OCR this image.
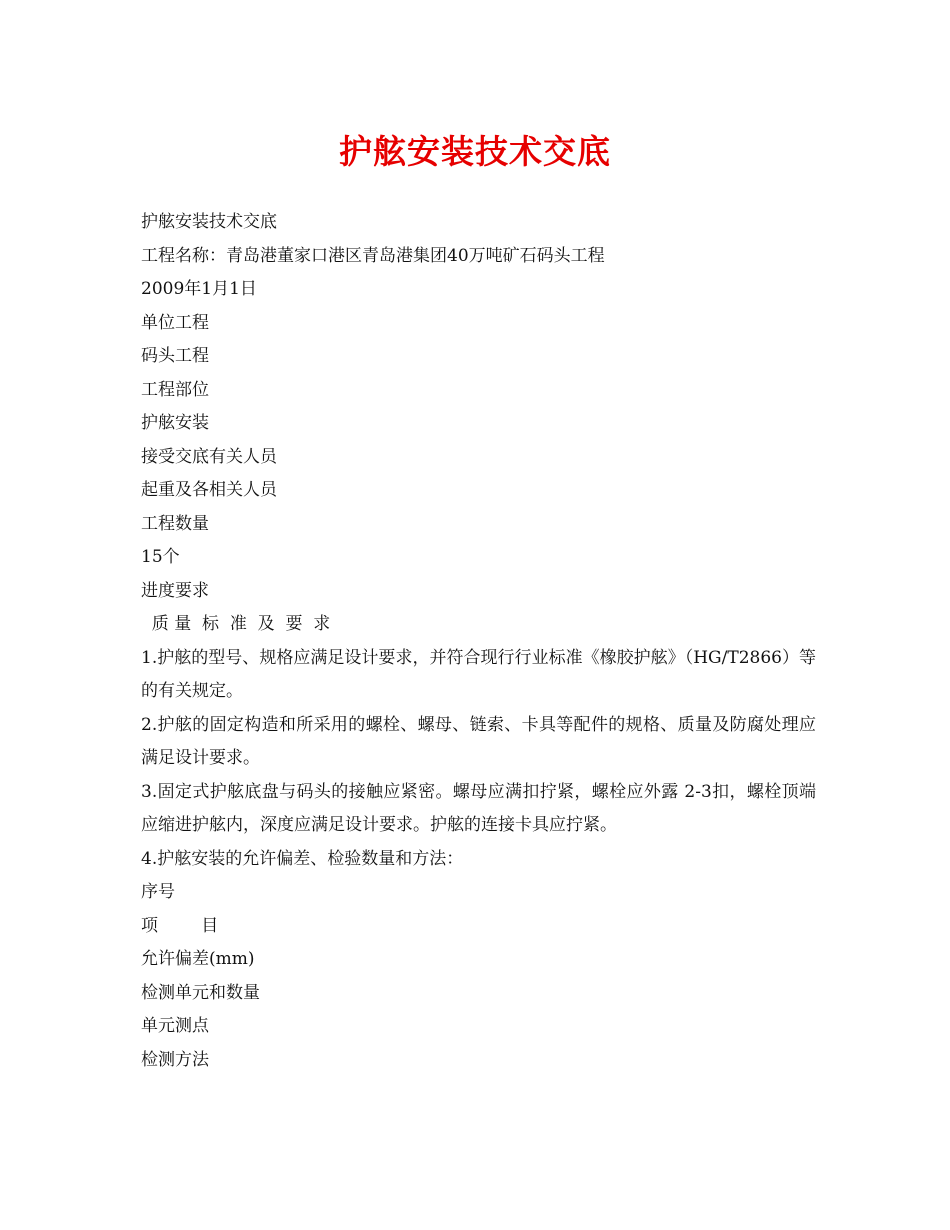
护舷安装技术交底
护舷安装技术交底
工程名称：青岛港董家口港区青岛港集团40万吨矿石码头工程
2009年1月1日
单位工程
码头工程
工程部位
护舷安装
接受交底有关人员
起重及各相关人员
工程数量
15个
进度要求
质 量  标  准  及  要  求
1.护舷的型号、规格应满足设计要求，并符合现行行业标准《橡胶护舷》（HG/T2866）等的有关规定。
2.护舷的固定构造和所采用的螺栓、螺母、链索、卡具等配件的规格、质量及防腐处理应满足设计要求。
3.固定式护舷底盘与码头的接触应紧密。螺母应满扣拧紧，螺栓应外露 2-3扣，螺栓顶端应缩进护舷内，深度应满足设计要求。护舷的连接卡具应拧紧。
4.护舷安装的允许偏差、检验数量和方法：
序号
项        目
允许偏差(mm)
检测单元和数量
单元测点
检测方法
